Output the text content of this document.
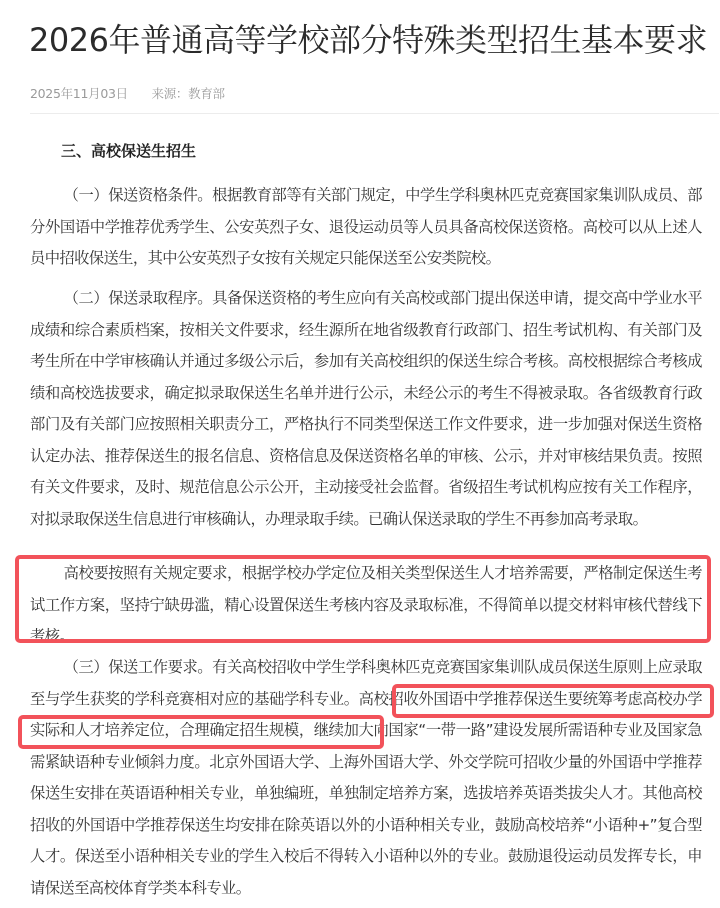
2026年普通高等学校部分特殊类型招生基本要求
2025年11月03日 来源：教育部
三、高校保送生招生

（一）保送资格条件。根据教育部等有关部门规定，中学生学科奥林匹克竞赛国家集训队成员、部分外国语中学推荐优秀学生、公安英烈子女、退役运动员等人员具备高校保送资格。高校可以从上述人员中招收保送生，其中公安英烈子女按有关规定只能保送至公安类院校。

（二）保送录取程序。具备保送资格的考生应向有关高校或部门提出保送申请，提交高中学业水平成绩和综合素质档案，按相关文件要求，经生源所在地省级教育行政部门、招生考试机构、有关部门及考生所在中学审核确认并通过多级公示后，参加有关高校组织的保送生综合考核。高校根据综合考核成绩和高校选拔要求，确定拟录取保送生名单并进行公示，未经公示的考生不得被录取。各省级教育行政部门及有关部门应按照相关职责分工，严格执行不同类型保送工作文件要求，进一步加强对保送生资格认定办法、推荐保送生的报名信息、资格信息及保送资格名单的审核、公示，并对审核结果负责。按照有关文件要求，及时、规范信息公示公开，主动接受社会监督。省级招生考试机构应按有关工作程序，对拟录取保送生信息进行审核确认，办理录取手续。已确认保送录取的学生不再参加高考录取。

高校要按照有关规定要求，根据学校办学定位及相关类型保送生人才培养需要，严格制定保送生考试工作方案，坚持宁缺毋滥，精心设置保送生考核内容及录取标准，不得简单以提交材料审核代替线下考核。

（三）保送工作要求。有关高校招收中学生学科奥林匹克竞赛国家集训队成员保送生原则上应录取至与学生获奖的学科竞赛相对应的基础学科专业。高校招收外国语中学推荐保送生要统筹考虑高校办学实际和人才培养定位，合理确定招生规模，继续加大向国家“一带一路”建设发展所需语种专业及国家急需紧缺语种专业倾斜力度。北京外国语大学、上海外国语大学、外交学院可招收少量的外国语中学推荐保送生安排在英语语种相关专业，单独编班，单独制定培养方案，选拔培养英语类拔尖人才。其他高校招收的外国语中学推荐保送生均安排在除英语以外的小语种相关专业，鼓励高校培养“小语种+”复合型人才。保送至小语种相关专业的学生入校后不得转入小语种以外的专业。鼓励退役运动员发挥专长，申请保送至高校体育学类本科专业。
